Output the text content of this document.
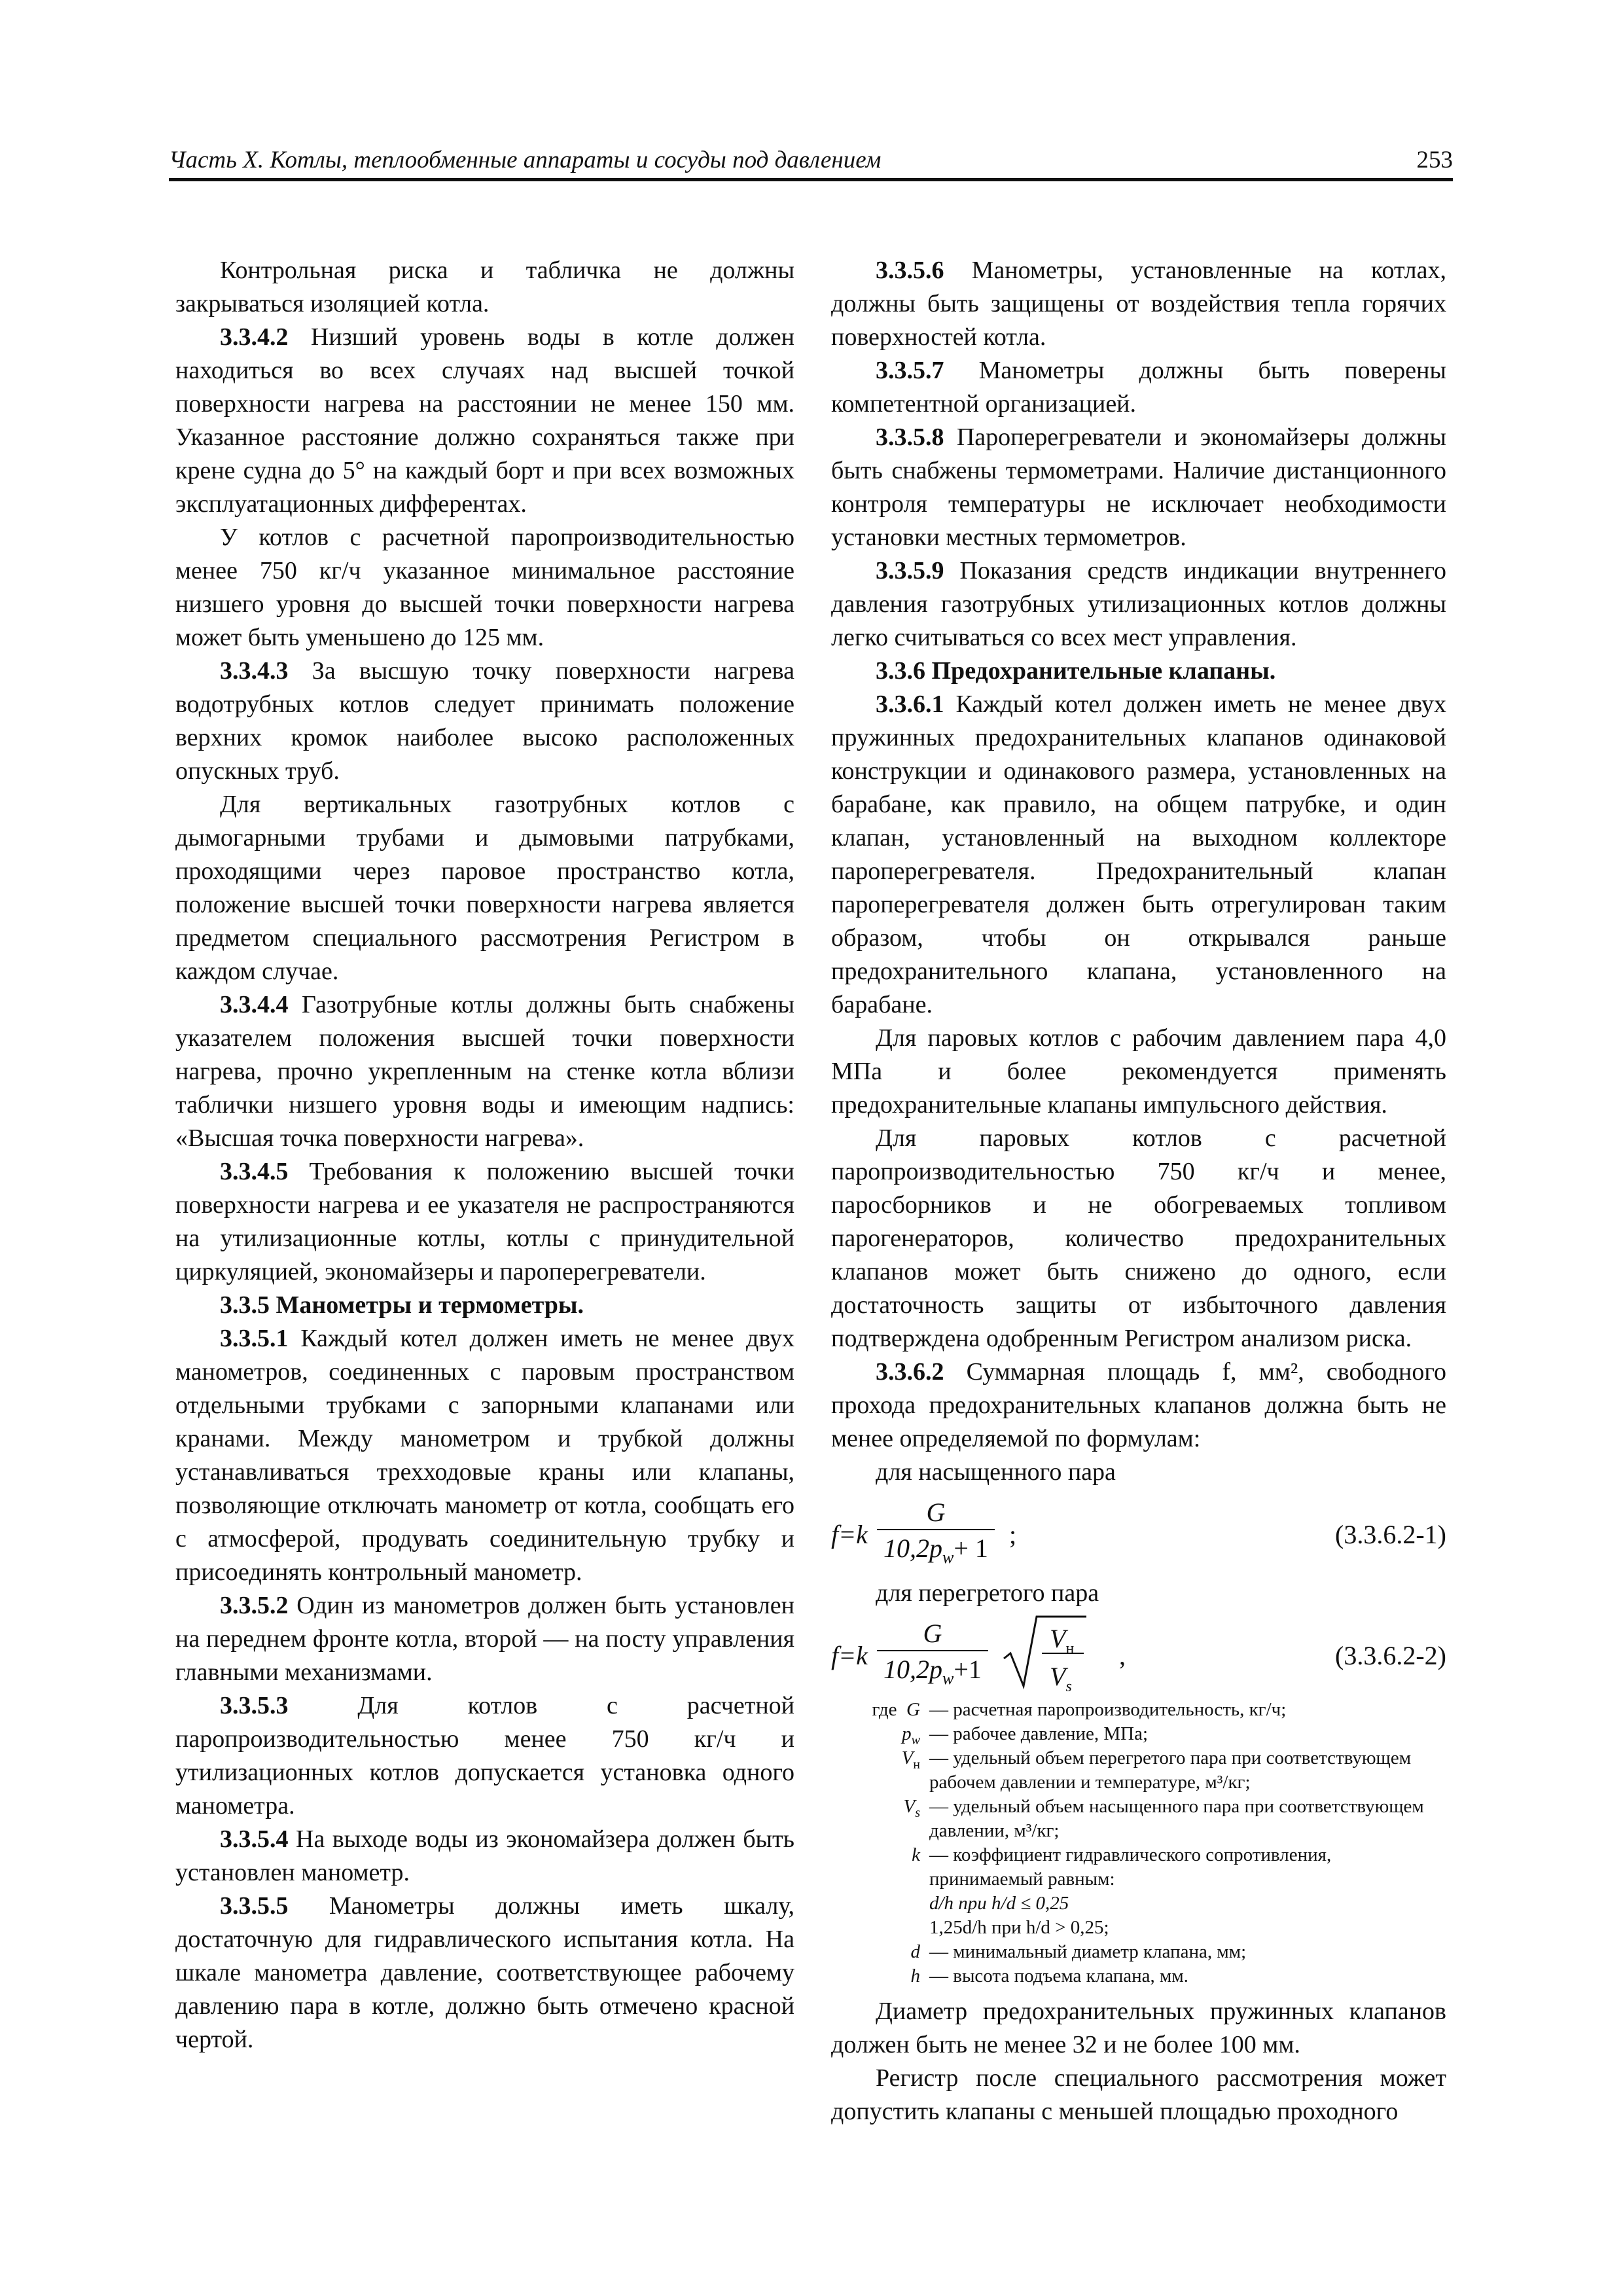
Часть X. Котлы, теплообменные аппараты и сосуды под давлением	253

Контрольная риска и табличка не должны закрываться изоляцией котла.

3.3.4.2 Низший уровень воды в котле должен находиться во всех случаях над высшей точкой поверхности нагрева на расстоянии не менее 150 мм. Указанное расстояние должно сохраняться также при крене судна до 5° на каждый борт и при всех возможных эксплуатационных дифферентах.

У котлов с расчетной паропроизводительностью менее 750 кг/ч указанное минимальное расстояние низшего уровня до высшей точки поверхности нагрева может быть уменьшено до 125 мм.

3.3.4.3 За высшую точку поверхности нагрева водотрубных котлов следует принимать положение верхних кромок наиболее высоко расположенных опускных труб.

Для вертикальных газотрубных котлов с дымогарными трубами и дымовыми патрубками, проходящими через паровое пространство котла, положение высшей точки поверхности нагрева является предметом специального рассмотрения Регистром в каждом случае.

3.3.4.4 Газотрубные котлы должны быть снабжены указателем положения высшей точки поверхности нагрева, прочно укрепленным на стенке котла вблизи таблички низшего уровня воды и имеющим надпись: «Высшая точка поверхности нагрева».

3.3.4.5 Требования к положению высшей точки поверхности нагрева и ее указателя не распространяются на утилизационные котлы, котлы с принудительной циркуляцией, экономайзеры и пароперегреватели.

3.3.5 Манометры и термометры.

3.3.5.1 Каждый котел должен иметь не менее двух манометров, соединенных с паровым пространством отдельными трубками с запорными клапанами или кранами. Между манометром и трубкой должны устанавливаться трехходовые краны или клапаны, позволяющие отключать манометр от котла, сообщать его с атмосферой, продувать соединительную трубку и присоединять контрольный манометр.

3.3.5.2 Один из манометров должен быть установлен на переднем фронте котла, второй — на посту управления главными механизмами.

3.3.5.3 Для котлов с расчетной паропроизводительностью менее 750 кг/ч и утилизационных котлов допускается установка одного манометра.

3.3.5.4 На выходе воды из экономайзера должен быть установлен манометр.

3.3.5.5 Манометры должны иметь шкалу, достаточную для гидравлического испытания котла. На шкале манометра давление, соответствующее рабочему давлению пара в котле, должно быть отмечено красной чертой.

3.3.5.6 Манометры, установленные на котлах, должны быть защищены от воздействия тепла горячих поверхностей котла.

3.3.5.7 Манометры должны быть поверены компетентной организацией.

3.3.5.8 Пароперегреватели и экономайзеры должны быть снабжены термометрами. Наличие дистанционного контроля температуры не исключает необходимости установки местных термометров.

3.3.5.9 Показания средств индикации внутреннего давления газотрубных утилизационных котлов должны легко считываться со всех мест управления.

3.3.6 Предохранительные клапаны.

3.3.6.1 Каждый котел должен иметь не менее двух пружинных предохранительных клапанов одинаковой конструкции и одинакового размера, установленных на барабане, как правило, на общем патрубке, и один клапан, установленный на выходном коллекторе пароперегревателя. Предохранительный клапан пароперегревателя должен быть отрегулирован таким образом, чтобы он открывался раньше предохранительного клапана, установленного на барабане.

Для паровых котлов с рабочим давлением пара 4,0 МПа и более рекомендуется применять предохранительные клапаны импульсного действия.

Для паровых котлов с расчетной паропроизводительностью 750 кг/ч и менее, паросборников и не обогреваемых топливом парогенераторов, количество предохранительных клапанов может быть снижено до одного, если достаточность защиты от избыточного давления подтверждена одобренным Регистром анализом риска.

3.3.6.2 Суммарная площадь f, мм², свободного прохода предохранительных клапанов должна быть не менее определяемой по формулам:

для насыщенного пара

$f=k \frac{G}{10,2p_w+ 1}$ ;	(3.3.6.2-1)

для перегретого пара

$f=k \frac{G}{10,2p_w+1} V_н$
$V_s$
,	(3.3.6.2-2)
где G — расчетная паропроизводительность, кг/ч;
$p_w$ — рабочее давление, МПа;
$V_н$ — удельный объем перегретого пара при соответствующем рабочем давлении и температуре, м³/кг;
$V_s$ — удельный объем насыщенного пара при соответствующем давлении, м³/кг;
k — коэффициент гидравлического сопротивления, принимаемый равным:
d/h при h/d ≤ 0,25
1,25d/h при h/d > 0,25;
d — минимальный диаметр клапана, мм;
h — высота подъема клапана, мм.

Диаметр предохранительных пружинных клапанов должен быть не менее 32 и не более 100 мм.

Регистр после специального рассмотрения может допустить клапаны с меньшей площадью проходного
